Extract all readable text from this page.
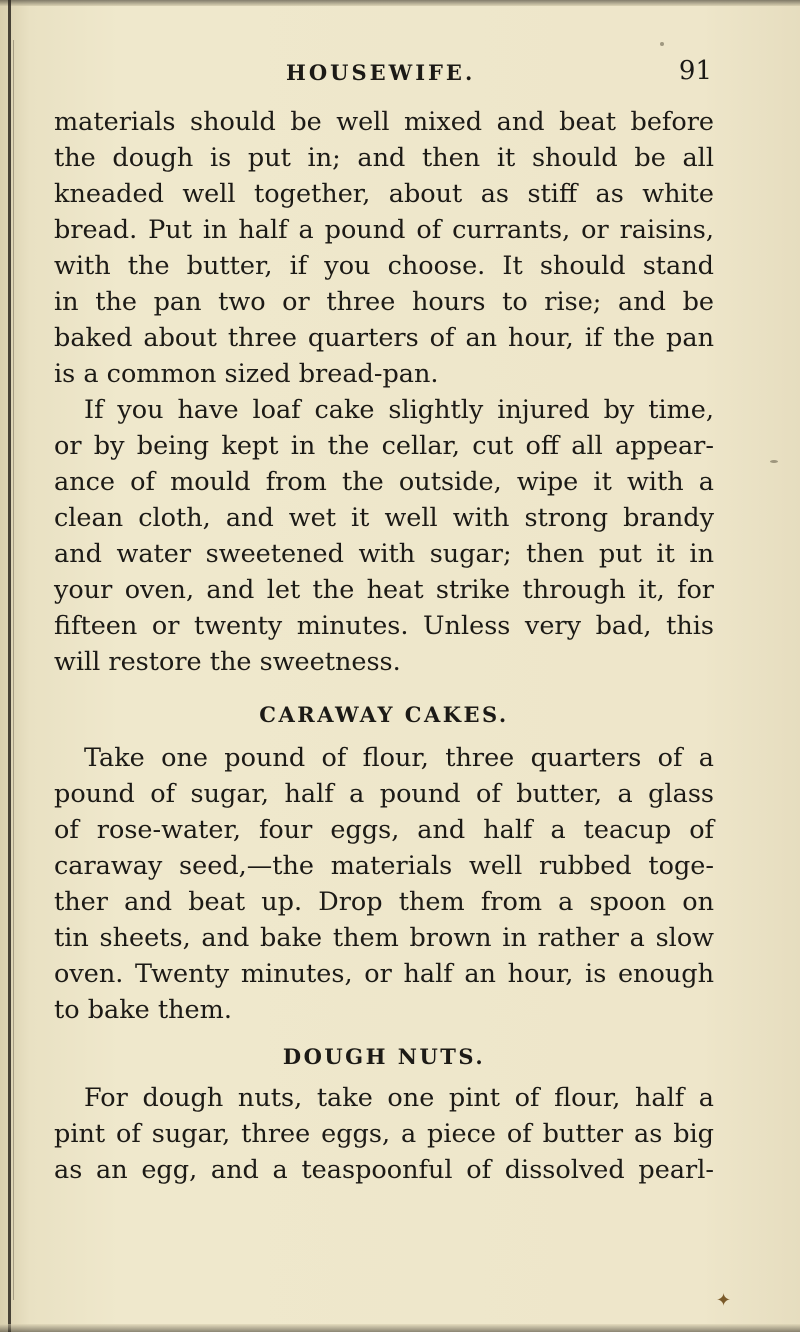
HOUSEWIFE.	91
materials should be well mixed and beat before
the dough is put in; and then it should be all
kneaded well together, about as stiff as white
bread. Put in half a pound of currants, or raisins,
with the butter, if you choose. It should stand
in the pan two or three hours to rise; and be
baked about three quarters of an hour, if the pan
is a common sized bread-pan.
If you have loaf cake slightly injured by time,
or by being kept in the cellar, cut off all appear-
ance of mould from the outside, wipe it with a
clean cloth, and wet it well with strong brandy
and water sweetened with sugar; then put it in
your oven, and let the heat strike through it, for
fifteen or twenty minutes. Unless very bad, this
will restore the sweetness.
CARAWAY CAKES.
Take one pound of flour, three quarters of a
pound of sugar, half a pound of butter, a glass
of rose-water, four eggs, and half a teacup of
caraway seed,—the materials well rubbed toge-
ther and beat up. Drop them from a spoon on
tin sheets, and bake them brown in rather a slow
oven. Twenty minutes, or half an hour, is enough
to bake them.
DOUGH NUTS.
For dough nuts, take one pint of flour, half a
pint of sugar, three eggs, a piece of butter as big
as an egg, and a teaspoonful of dissolved pearl-
✦
